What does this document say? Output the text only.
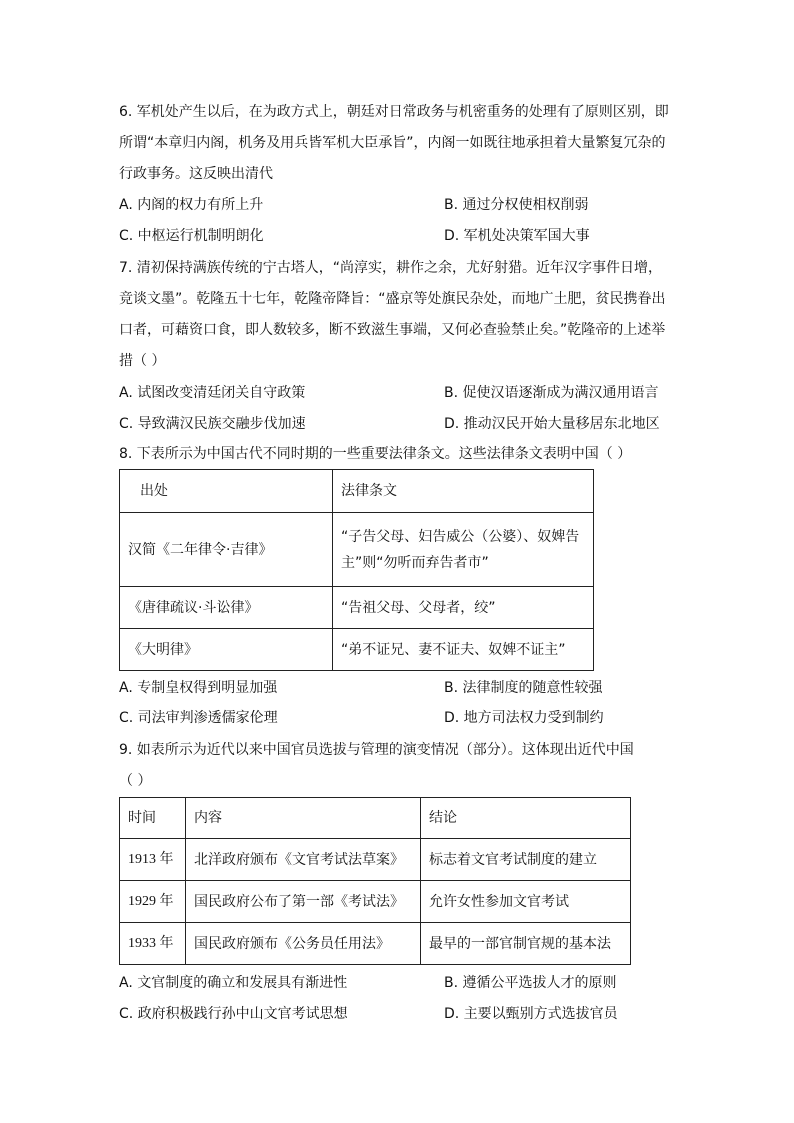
6. 军机处产生以后，在为政方式上，朝廷对日常政务与机密重务的处理有了原则区别，即
所谓“本章归内阁，机务及用兵皆军机大臣承旨”，内阁一如既往地承担着大量繁复冗杂的
行政事务。这反映出清代
A. 内阁的权力有所上升	B. 通过分权使相权削弱
C. 中枢运行机制明朗化	D. 军机处决策军国大事
7. 清初保持满族传统的宁古塔人，“尚淳实，耕作之余，尤好射猎。近年汉字事件日增，
竞谈文墨”。乾隆五十七年，乾隆帝降旨：“盛京等处旗民杂处，而地广土肥，贫民携眷出
口者，可藉资口食，即人数较多，断不致滋生事端，又何必查验禁止矣。”乾隆帝的上述举
措（ ）
A. 试图改变清廷闭关自守政策	B. 促使汉语逐渐成为满汉通用语言
C. 导致满汉民族交融步伐加速	D. 推动汉民开始大量移居东北地区
8. 下表所示为中国古代不同时期的一些重要法律条文。这些法律条文表明中国（ ）
出处	法律条文
汉简《二年律令·吉律》	“子告父母、妇告威公（公婆）、奴婢告
主”则“勿听而弃告者市”

《唐律疏议·斗讼律》	“告祖父母、父母者，绞”
《大明律》	“弟不证兄、妻不证夫、奴婢不证主”
A. 专制皇权得到明显加强	B. 法律制度的随意性较强
C. 司法审判渗透儒家伦理	D. 地方司法权力受到制约
9. 如表所示为近代以来中国官员选拔与管理的演变情况（部分）。这体现出近代中国
（ ）
时间	内容	结论
1913 年	北洋政府颁布《文官考试法草案》	标志着文官考试制度的建立
1929 年	国民政府公布了第一部《考试法》	允许女性参加文官考试
1933 年	国民政府颁布《公务员任用法》	最早的一部官制官规的基本法
A. 文官制度的确立和发展具有渐进性	B. 遵循公平选拔人才的原则
C. 政府积极践行孙中山文官考试思想	D. 主要以甄别方式选拔官员
